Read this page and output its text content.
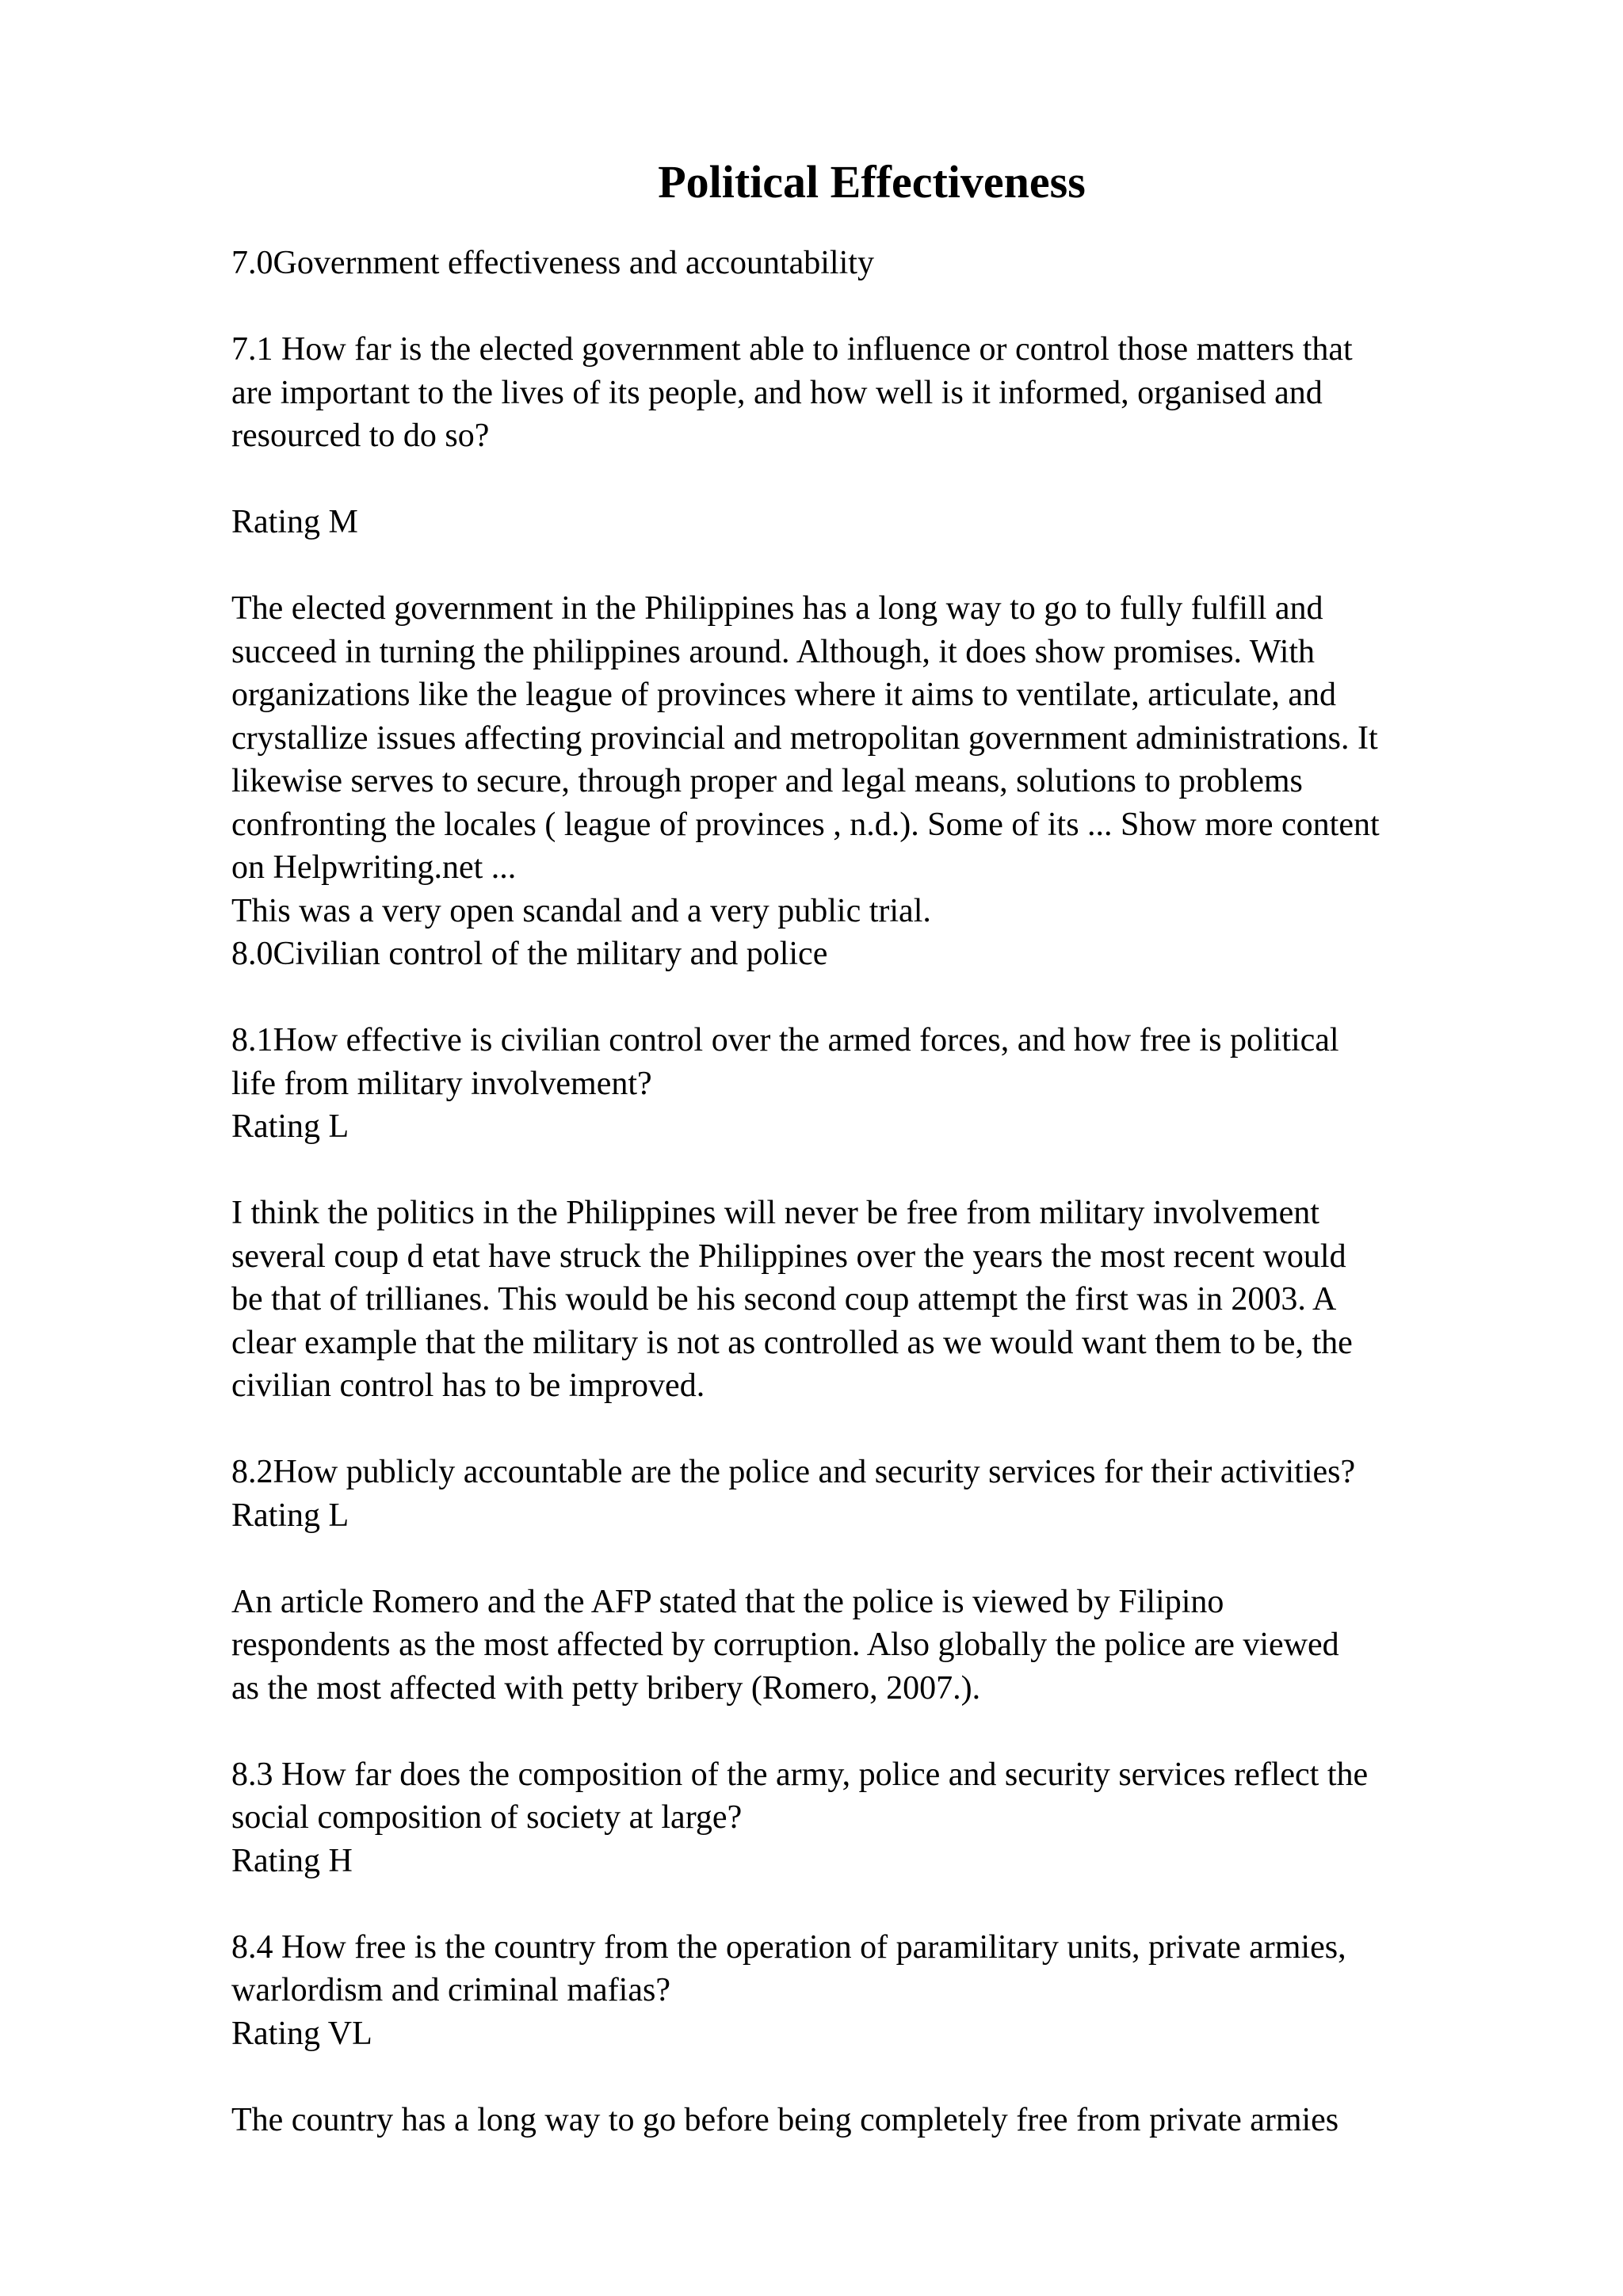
Political Effectiveness
7.0Government effectiveness and accountability
7.1 How far is the elected government able to influence or control those matters that
are important to the lives of its people, and how well is it informed, organised and
resourced to do so?
Rating M
The elected government in the Philippines has a long way to go to fully fulfill and
succeed in turning the philippines around. Although, it does show promises. With
organizations like the league of provinces where it aims to ventilate, articulate, and
crystallize issues affecting provincial and metropolitan government administrations. It
likewise serves to secure, through proper and legal means, solutions to problems
confronting the locales ( league of provinces , n.d.). Some of its ... Show more content
on Helpwriting.net ...
This was a very open scandal and a very public trial.
8.0Civilian control of the military and police
8.1How effective is civilian control over the armed forces, and how free is political
life from military involvement?
Rating L
I think the politics in the Philippines will never be free from military involvement
several coup d etat have struck the Philippines over the years the most recent would
be that of trillianes. This would be his second coup attempt the first was in 2003. A
clear example that the military is not as controlled as we would want them to be, the
civilian control has to be improved.
8.2How publicly accountable are the police and security services for their activities?
Rating L
An article Romero and the AFP stated that the police is viewed by Filipino
respondents as the most affected by corruption. Also globally the police are viewed
as the most affected with petty bribery (Romero, 2007.).
8.3 How far does the composition of the army, police and security services reflect the
social composition of society at large?
Rating H
8.4 How free is the country from the operation of paramilitary units, private armies,
warlordism and criminal mafias?
Rating VL
The country has a long way to go before being completely free from private armies
